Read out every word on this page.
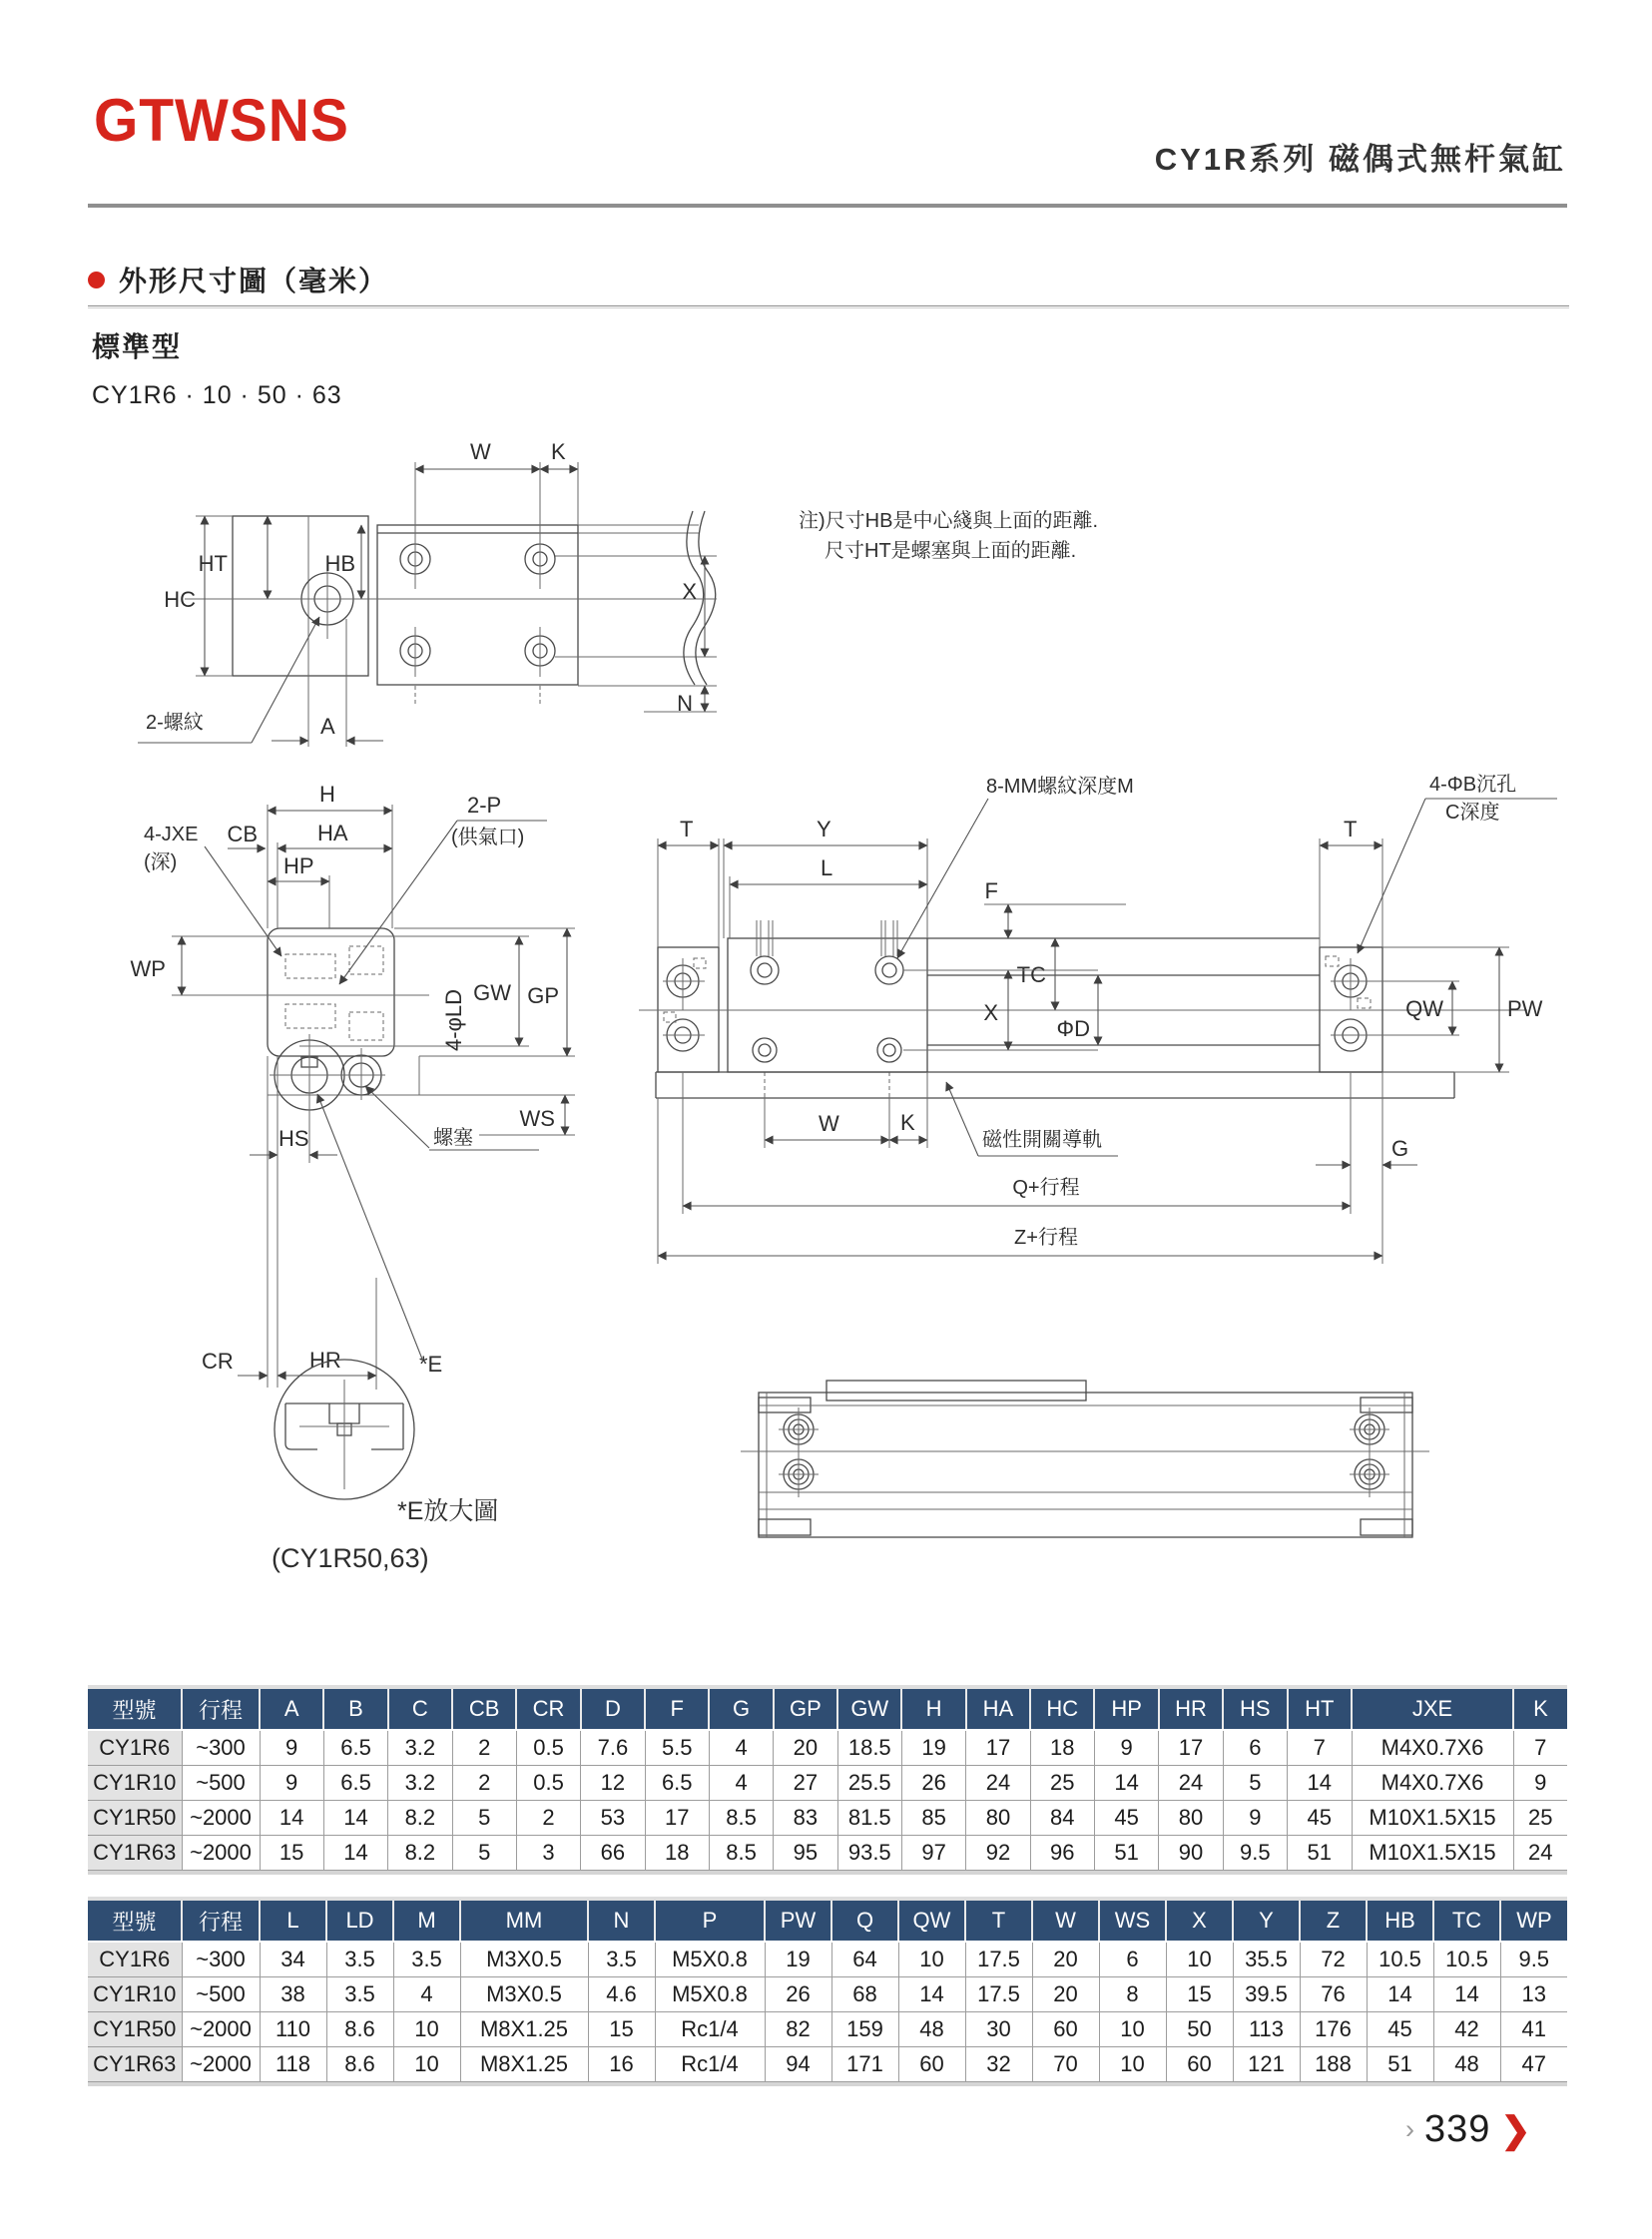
GTWSNS
CY1R系列 磁偶式無杆氣缸
外形尺寸圖（毫米）
標準型
CY1R6 · 10 · 50 · 63
W	K
HT	HB
HC	X
N
A
2-螺紋
注)尺寸HB是中心綫與上面的距離.
尺寸HT是螺塞與上面的距離.
H
HA
CB
HP
4-JXE
(深)
2-P
(供氣口)
WP
GW GP
4-φLD
WS
HS	螺塞
CR	HR	*E
T	Y
L
8-MM螺紋深度M
F
TC
X
ΦD
W	K
磁性開關導軌
Q+行程
G
Z+行程
T
4-ΦB沉孔
C深度
QW	PW
*E放大圖
(CY1R50,63)
型號	行程	A	B	C	CB	CR	D	F	G	GP	GW	H	HA	HC	HP	HR	HS	HT	JXE	K
CY1R6	~300	9	6.5	3.2	2	0.5	7.6	5.5	4	20	18.5	19	17	18	9	17	6	7	M4X0.7X6	7
CY1R10	~500	9	6.5	3.2	2	0.5	12	6.5	4	27	25.5	26	24	25	14	24	5	14	M4X0.7X6	9
CY1R50	~2000	14	14	8.2	5	2	53	17	8.5	83	81.5	85	80	84	45	80	9	45	M10X1.5X15	25
CY1R63	~2000	15	14	8.2	5	3	66	18	8.5	95	93.5	97	92	96	51	90	9.5	51	M10X1.5X15	24
型號	行程	L	LD	M	MM	N	P	PW	Q	QW	T	W	WS	X	Y	Z	HB	TC	WP
CY1R6	~300	34	3.5	3.5	M3X0.5	3.5	M5X0.8	19	64	10	17.5	20	6	10	35.5	72	10.5	10.5	9.5
CY1R10	~500	38	3.5	4	M3X0.5	4.6	M5X0.8	26	68	14	17.5	20	8	15	39.5	76	14	14	13
CY1R50	~2000	110	8.6	10	M8X1.25	15	Rc1/4	82	159	48	30	60	10	50	113	176	45	42	41
CY1R63	~2000	118	8.6	10	M8X1.25	16	Rc1/4	94	171	60	32	70	10	60	121	188	51	48	47
› 339 ❯
